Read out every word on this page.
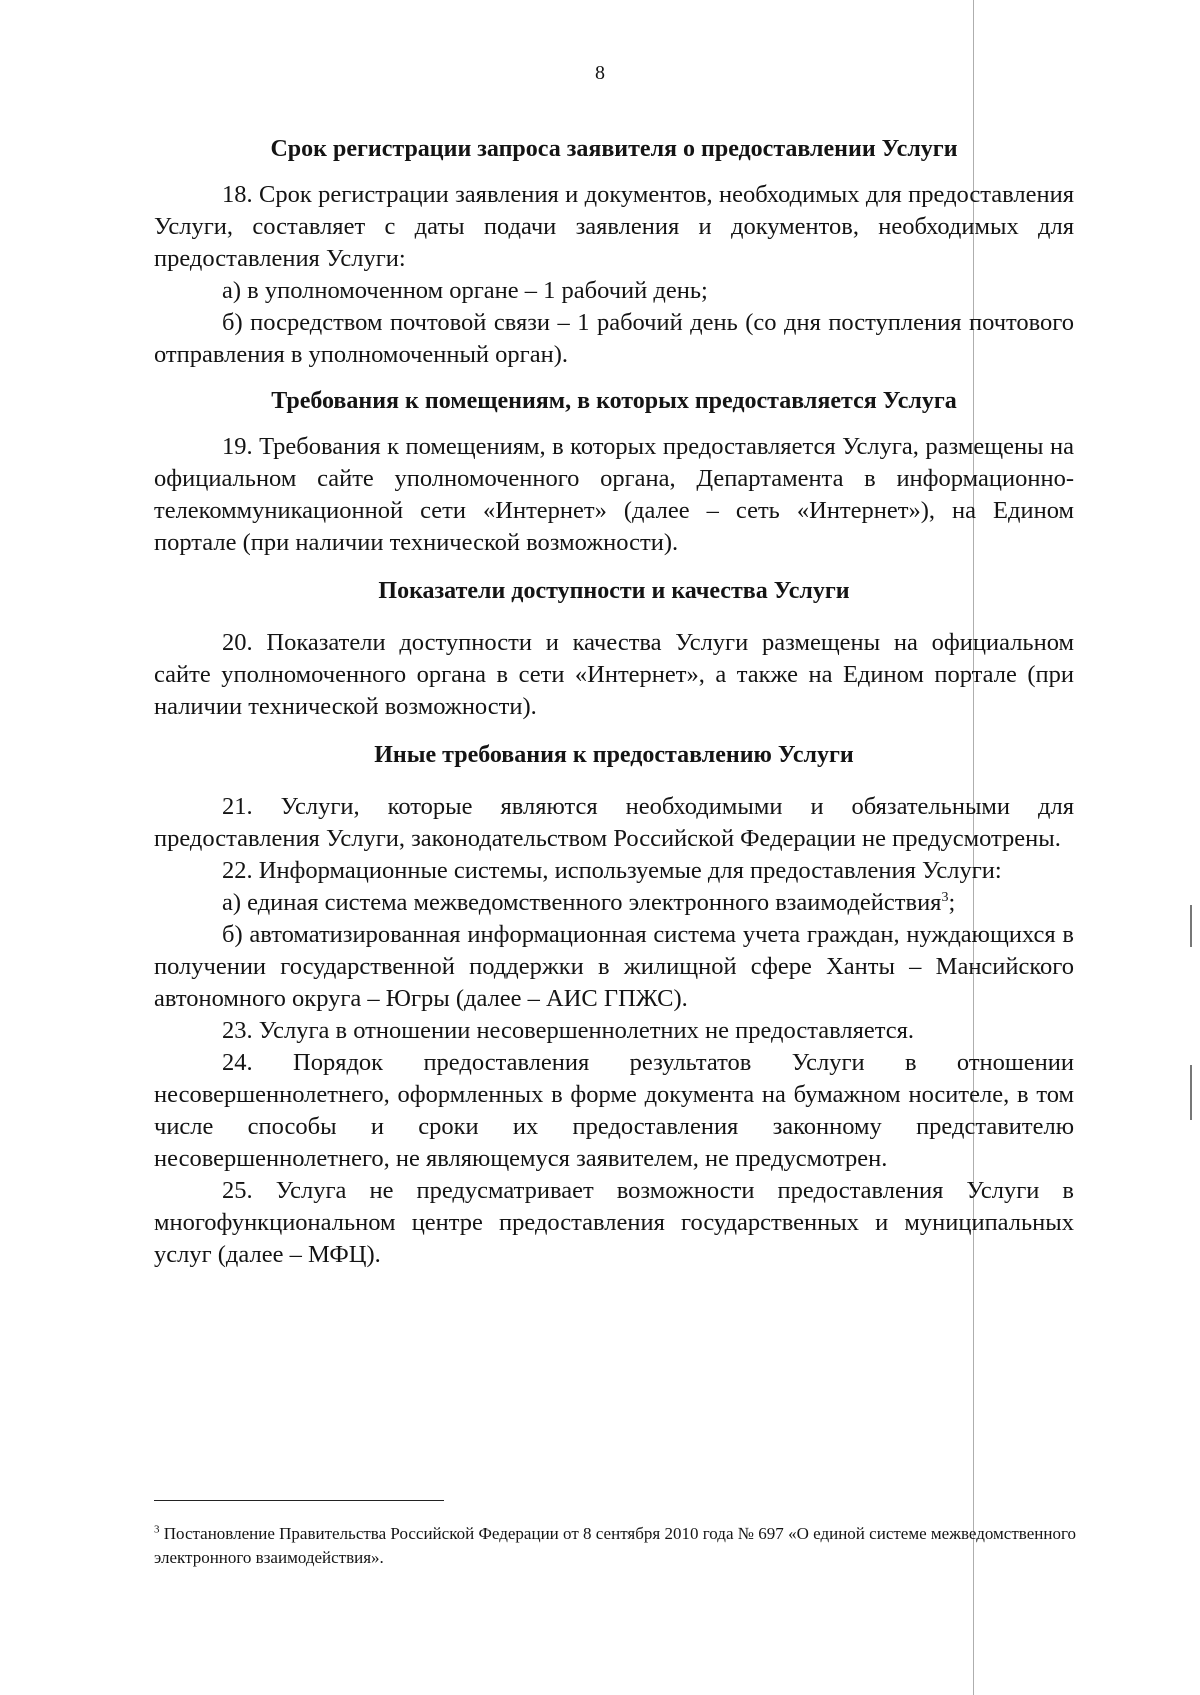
8
Срок регистрации запроса заявителя о предоставлении Услуги

18. Срок регистрации заявления и документов, необходимых для предоставления Услуги, составляет с даты подачи заявления и документов, необходимых для предоставления Услуги:

а) в уполномоченном органе – 1 рабочий день;

б) посредством почтовой связи – 1 рабочий день (со дня поступления почтового отправления в уполномоченный орган).

Требования к помещениям, в которых предоставляется Услуга

19. Требования к помещениям, в которых предоставляется Услуга, размещены на официальном сайте уполномоченного органа, Департамента в информационно-телекоммуникационной сети «Интернет» (далее – сеть «Интернет»), на Едином портале (при наличии технической возможности).

Показатели доступности и качества Услуги

20. Показатели доступности и качества Услуги размещены на официальном сайте уполномоченного органа в сети «Интернет», а также на Едином портале (при наличии технической возможности).

Иные требования к предоставлению Услуги

21. Услуги, которые являются необходимыми и обязательными для предоставления Услуги, законодательством Российской Федерации не предусмотрены.

22. Информационные системы, используемые для предоставления Услуги:

а) единая система межведомственного электронного взаимодействия$^3$;

б) автоматизированная информационная система учета граждан, нуждающихся в получении государственной поддержки в жилищной сфере Ханты – Мансийского автономного округа – Югры (далее – АИС ГПЖС).

23. Услуга в отношении несовершеннолетних не предоставляется.

24. Порядок предоставления результатов Услуги в отношении несовершеннолетнего, оформленных в форме документа на бумажном носителе, в том числе способы и сроки их предоставления законному представителю несовершеннолетнего, не являющемуся заявителем, не предусмотрен.

25. Услуга не предусматривает возможности предоставления Услуги в многофункциональном центре предоставления государственных и муниципальных услуг (далее – МФЦ).

$^3$ Постановление Правительства Российской Федерации от 8 сентября 2010 года № 697 «О единой системе межведомственного электронного взаимодействия».
